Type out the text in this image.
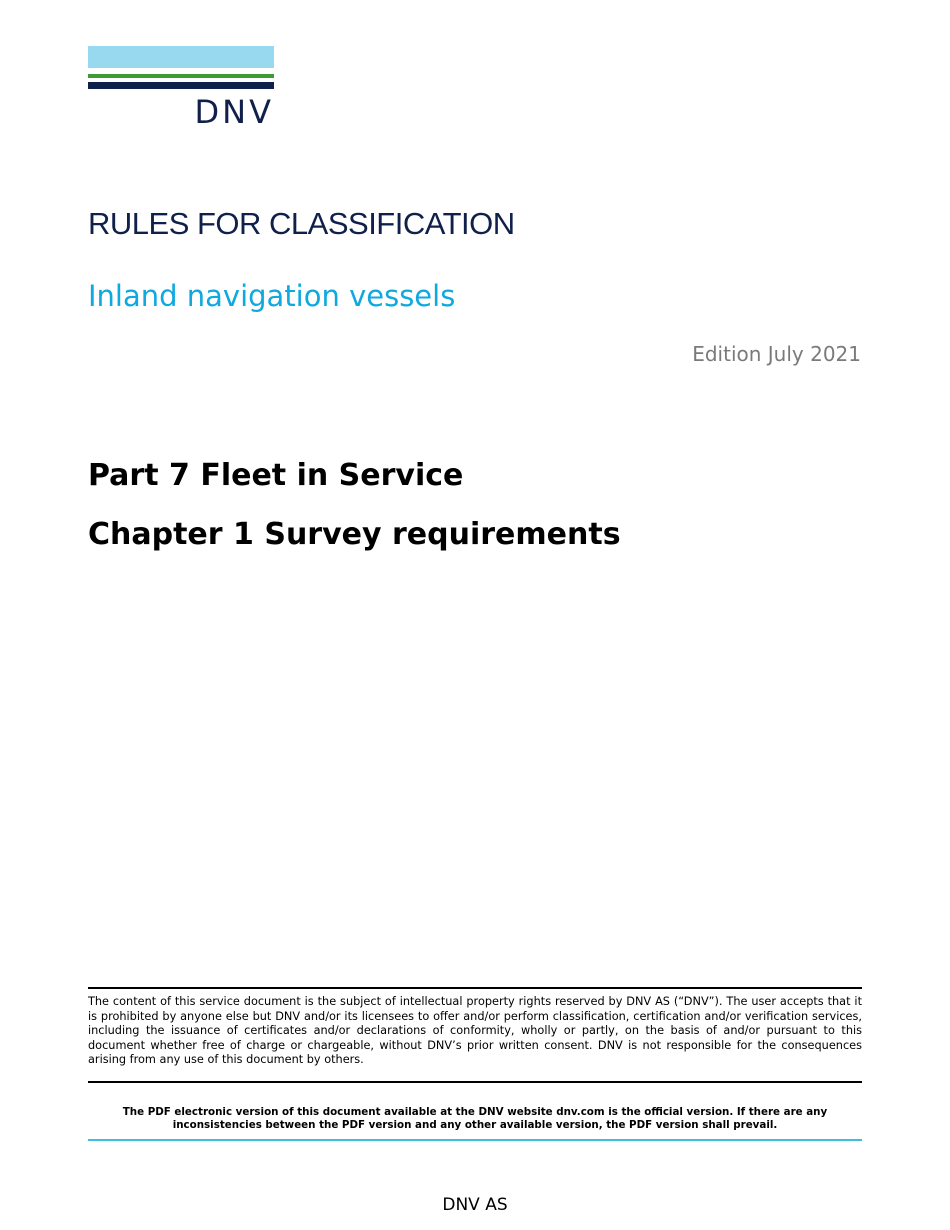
DNV
RULES FOR CLASSIFICATION
Inland navigation vessels
Edition July 2021
Part 7 Fleet in Service
Chapter 1 Survey requirements
The content of this service document is the subject of intellectual property rights reserved by DNV AS (“DNV”). The user accepts that it is prohibited by anyone else but DNV and/or its licensees to offer and/or perform classification, certification and/or verification services, including the issuance of certificates and/or declarations of conformity, wholly or partly, on the basis of and/or pursuant to this document whether free of charge or chargeable, without DNV’s prior written consent. DNV is not responsible for the consequences arising from any use of this document by others.
The PDF electronic version of this document available at the DNV website dnv.com is the official version. If there are any inconsistencies between the PDF version and any other available version, the PDF version shall prevail.
DNV AS
